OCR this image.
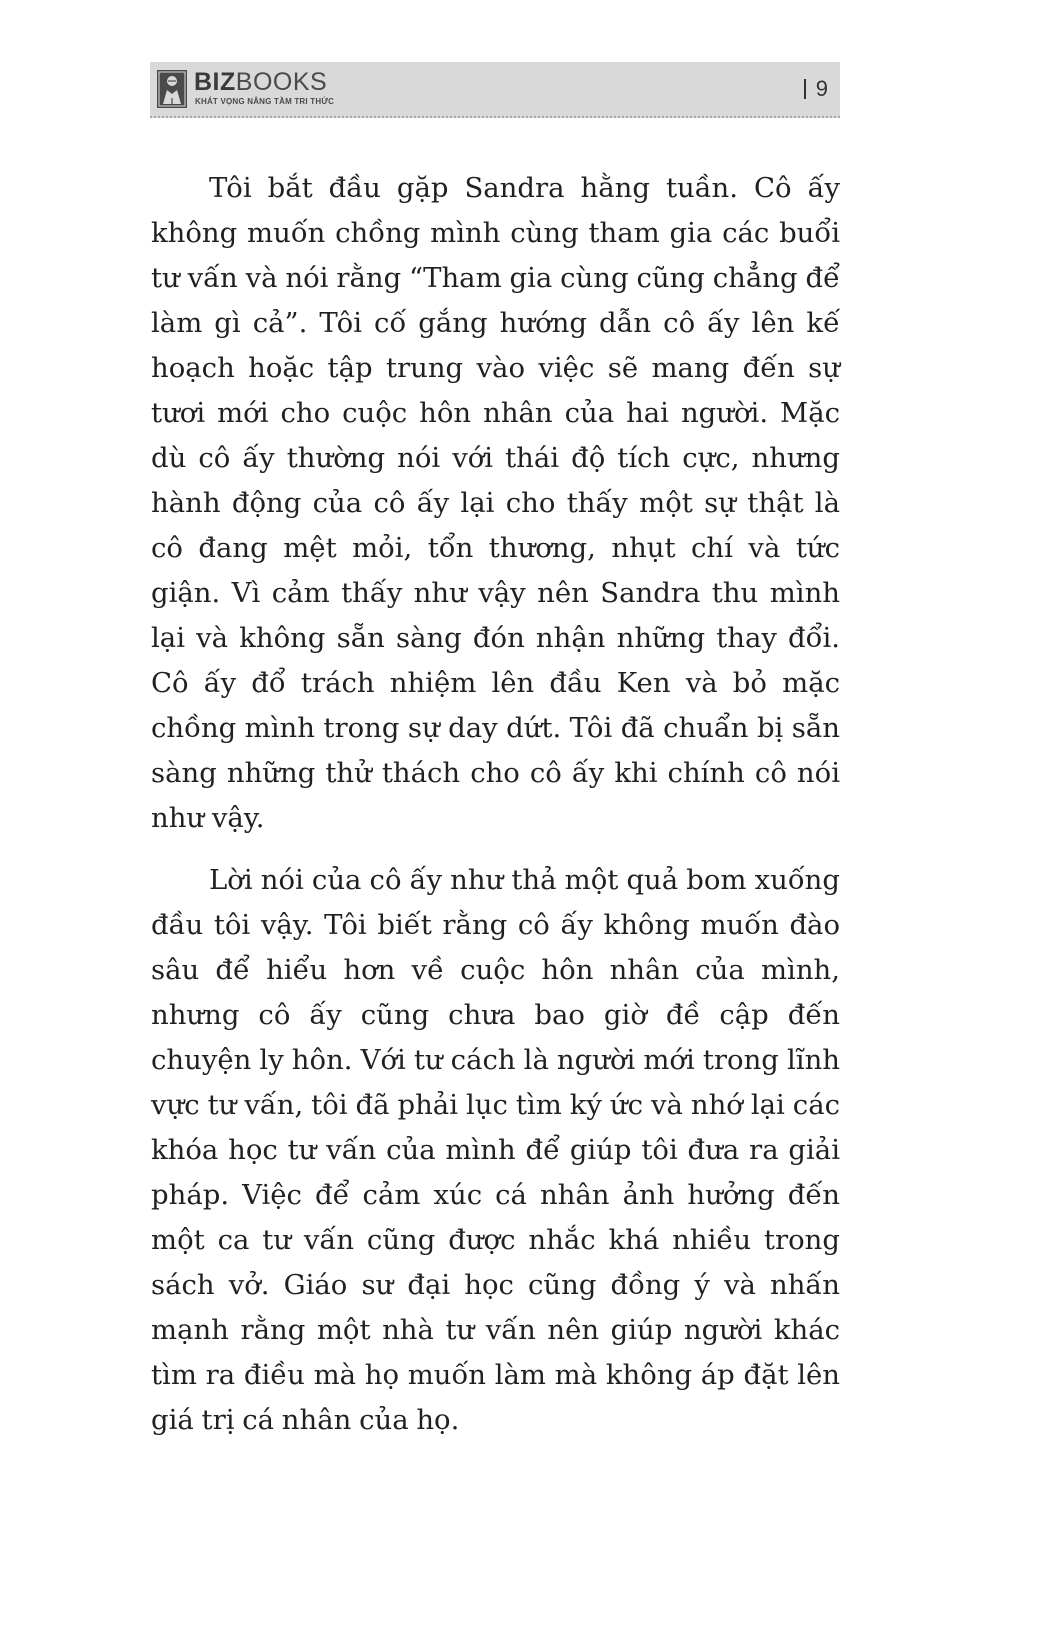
BIZBOOKS
KHÁT VỌNG NÂNG TẦM TRI THỨC
9

Tôi bắt đầu gặp Sandra hằng tuần. Cô ấy không muốn chồng mình cùng tham gia các buổi tư vấn và nói rằng “Tham gia cùng cũng chẳng để làm gì cả”. Tôi cố gắng hướng dẫn cô ấy lên kế hoạch hoặc tập trung vào việc sẽ mang đến sự tươi mới cho cuộc hôn nhân của hai người. Mặc dù cô ấy thường nói với thái độ tích cực, nhưng hành động của cô ấy lại cho thấy một sự thật là cô đang mệt mỏi, tổn thương, nhụt chí và tức giận. Vì cảm thấy như vậy nên Sandra thu mình lại và không sẵn sàng đón nhận những thay đổi. Cô ấy đổ trách nhiệm lên đầu Ken và bỏ mặc chồng mình trong sự day dứt. Tôi đã chuẩn bị sẵn sàng những thử thách cho cô ấy khi chính cô nói như vậy.

Lời nói của cô ấy như thả một quả bom xuống đầu tôi vậy. Tôi biết rằng cô ấy không muốn đào sâu để hiểu hơn về cuộc hôn nhân của mình, nhưng cô ấy cũng chưa bao giờ đề cập đến chuyện ly hôn. Với tư cách là người mới trong lĩnh vực tư vấn, tôi đã phải lục tìm ký ức và nhớ lại các khóa học tư vấn của mình để giúp tôi đưa ra giải pháp. Việc để cảm xúc cá nhân ảnh hưởng đến một ca tư vấn cũng được nhắc khá nhiều trong sách vở. Giáo sư đại học cũng đồng ý và nhấn mạnh rằng một nhà tư vấn nên giúp người khác tìm ra điều mà họ muốn làm mà không áp đặt lên giá trị cá nhân của họ.
